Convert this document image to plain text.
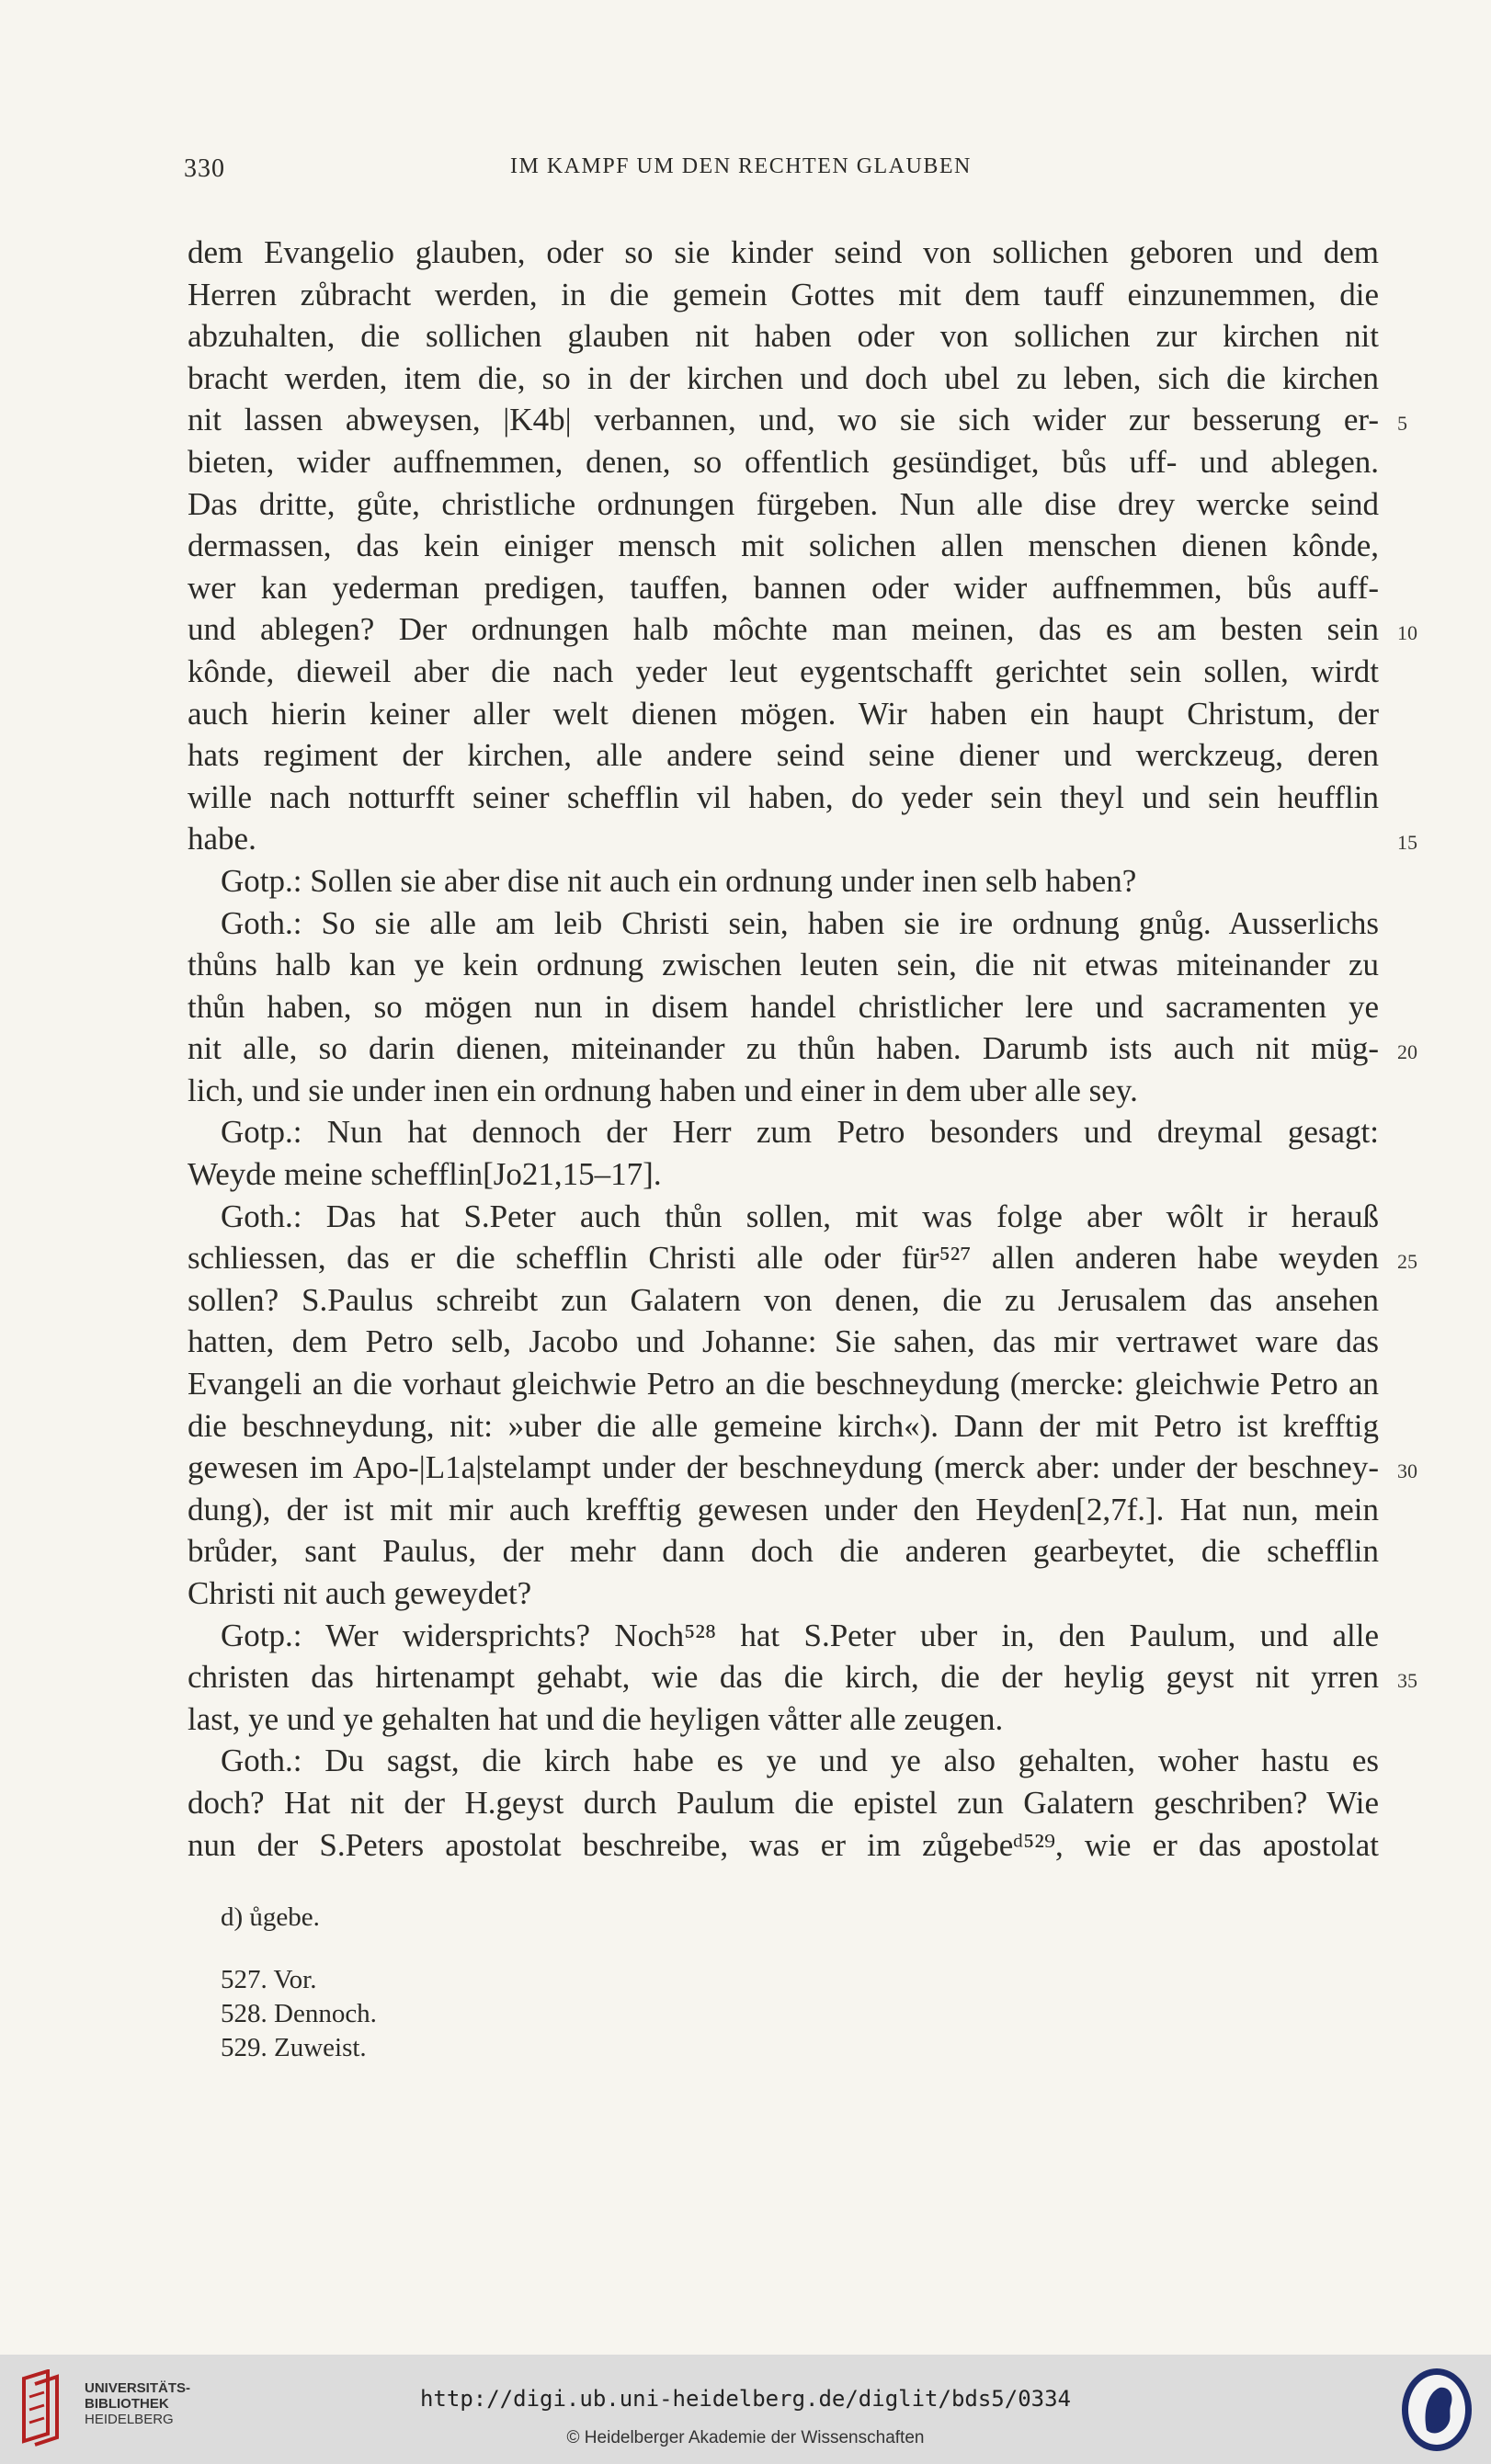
330	IM KAMPF UM DEN RECHTEN GLAUBEN
dem Evangelio glauben, oder so sie kinder seind von sollichen geboren und dem
Herren zůbracht werden, in die gemein Gottes mit dem tauff einzunemmen, die
abzuhalten, die sollichen glauben nit haben oder von sollichen zur kirchen nit
bracht werden, item die, so in der kirchen und doch ubel zu leben, sich die kirchen
nit lassen abweysen, |K4b| verbannen, und, wo sie sich wider zur besserung er-
bieten, wider auffnemmen, denen, so offentlich gesündiget, bůs uff- und ablegen.
Das dritte, gůte, christliche ordnungen fürgeben. Nun alle dise drey wercke seind
dermassen, das kein einiger mensch mit solichen allen menschen dienen kônde,
wer kan yederman predigen, tauffen, bannen oder wider auffnemmen, bůs auff-
und ablegen? Der ordnungen halb môchte man meinen, das es am besten sein
kônde, dieweil aber die nach yeder leut eygentschafft gerichtet sein sollen, wirdt
auch hierin keiner aller welt dienen mögen. Wir haben ein haupt Christum, der
hats regiment der kirchen, alle andere seind seine diener und werckzeug, deren
wille nach notturfft seiner schefflin vil haben, do yeder sein theyl und sein heufflin
habe.
Gotp.: Sollen sie aber dise nit auch ein ordnung under inen selb haben?
Goth.: So sie alle am leib Christi sein, haben sie ire ordnung gnůg. Ausserlichs
thůns halb kan ye kein ordnung zwischen leuten sein, die nit etwas miteinander zu
thůn haben, so mögen nun in disem handel christlicher lere und sacramenten ye
nit alle, so darin dienen, miteinander zu thůn haben. Darumb ists auch nit müg-
lich, und sie under inen ein ordnung haben und einer in dem uber alle sey.
Gotp.: Nun hat dennoch der Herr zum Petro besonders und dreymal gesagt:
Weyde meine schefflin[Jo21,15–17].
Goth.: Das hat S.Peter auch thůn sollen, mit was folge aber wôlt ir herauß
schliessen, das er die schefflin Christi alle oder für⁵²⁷ allen anderen habe weyden
sollen? S.Paulus schreibt zun Galatern von denen, die zu Jerusalem das ansehen
hatten, dem Petro selb, Jacobo und Johanne: Sie sahen, das mir vertrawet ware das
Evangeli an die vorhaut gleichwie Petro an die beschneydung (mercke: gleichwie Petro an
die beschneydung, nit: »uber die alle gemeine kirch«). Dann der mit Petro ist krefftig
gewesen im Apo-|L1a|stelampt under der beschneydung (merck aber: under der beschney-
dung), der ist mit mir auch krefftig gewesen under den Heyden[2,7f.]. Hat nun, mein
brůder, sant Paulus, der mehr dann doch die anderen gearbeytet, die schefflin
Christi nit auch geweydet?
Gotp.: Wer widersprichts? Noch⁵²⁸ hat S.Peter uber in, den Paulum, und alle
christen das hirtenampt gehabt, wie das die kirch, die der heylig geyst nit yrren
last, ye und ye gehalten hat und die heyligen våtter alle zeugen.
Goth.: Du sagst, die kirch habe es ye und ye also gehalten, woher hastu es
doch? Hat nit der H.geyst durch Paulum die epistel zun Galatern geschriben? Wie
nun der S.Peters apostolat beschreibe, was er im zůgebeᵈ⁵²⁹, wie er das apostolat
d) ůgebe.
527. Vor.
528. Dennoch.
529. Zuweist.
5
10
15
20
25
30
35
UNIVERSITÄTS-
BIBLIOTHEK
HEIDELBERG
http://digi.ub.uni-heidelberg.de/diglit/bds5/0334
© Heidelberger Akademie der Wissenschaften
